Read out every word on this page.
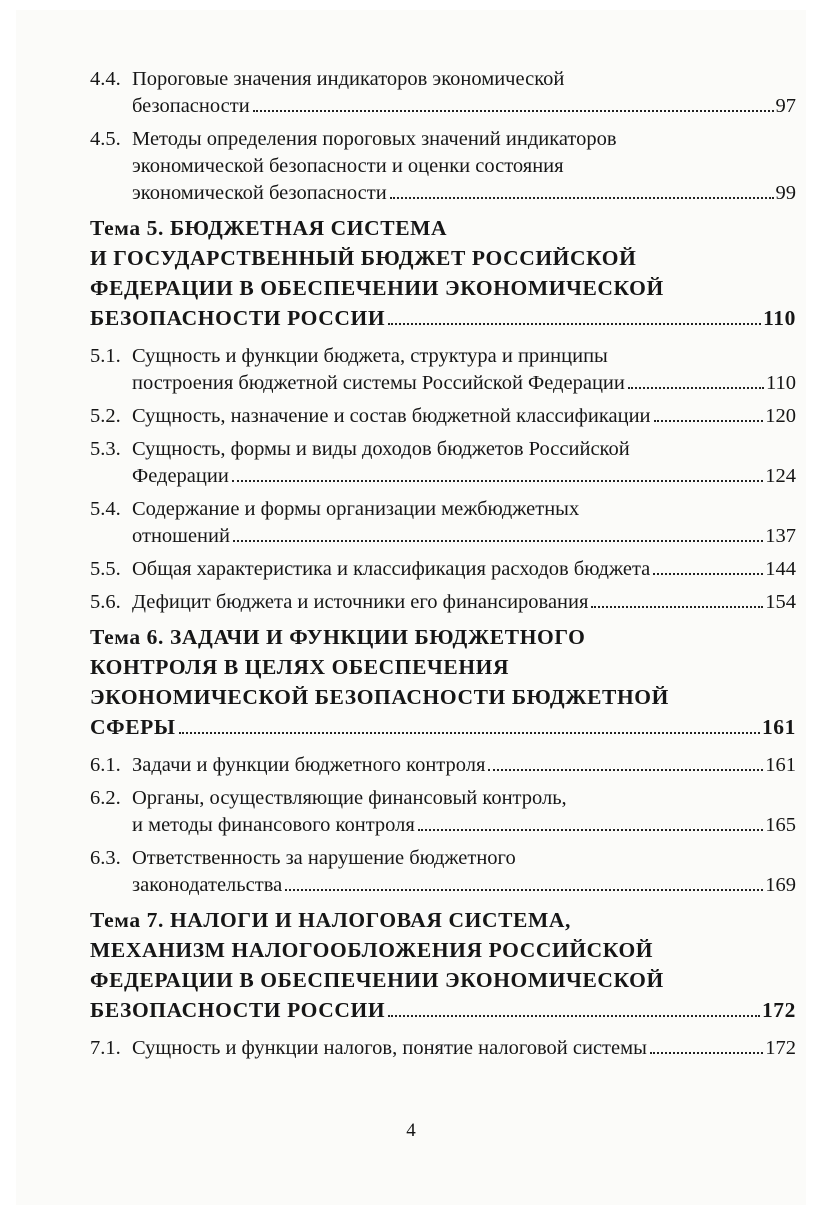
4.4. Пороговые значения индикаторов экономической
безопасности	97
4.5. Методы определения пороговых значений индикаторов
экономической безопасности и оценки состояния
экономической безопасности	99
Тема 5. БЮДЖЕТНАЯ СИСТЕМА
И ГОСУДАРСТВЕННЫЙ БЮДЖЕТ РОССИЙСКОЙ
ФЕДЕРАЦИИ В ОБЕСПЕЧЕНИИ ЭКОНОМИЧЕСКОЙ
БЕЗОПАСНОСТИ РОССИИ	110
5.1. Сущность и функции бюджета, структура и принципы
построения бюджетной системы Российской Федерации	110
5.2. Сущность, назначение и состав бюджетной классификации	120
5.3. Сущность, формы и виды доходов бюджетов Российской
Федерации	124
5.4. Содержание и формы организации межбюджетных
отношений	137
5.5. Общая характеристика и классификация расходов бюджета	144
5.6. Дефицит бюджета и источники его финансирования	154
Тема 6. ЗАДАЧИ И ФУНКЦИИ БЮДЖЕТНОГО
КОНТРОЛЯ В ЦЕЛЯХ ОБЕСПЕЧЕНИЯ
ЭКОНОМИЧЕСКОЙ БЕЗОПАСНОСТИ БЮДЖЕТНОЙ
СФЕРЫ	161
6.1. Задачи и функции бюджетного контроля	161
6.2. Органы, осуществляющие финансовый контроль,
и методы финансового контроля	165
6.3. Ответственность за нарушение бюджетного
законодательства	169
Тема 7. НАЛОГИ И НАЛОГОВАЯ СИСТЕМА,
МЕХАНИЗМ НАЛОГООБЛОЖЕНИЯ РОССИЙСКОЙ
ФЕДЕРАЦИИ В ОБЕСПЕЧЕНИИ ЭКОНОМИЧЕСКОЙ
БЕЗОПАСНОСТИ РОССИИ	172
7.1. Сущность и функции налогов, понятие налоговой системы	172
4
